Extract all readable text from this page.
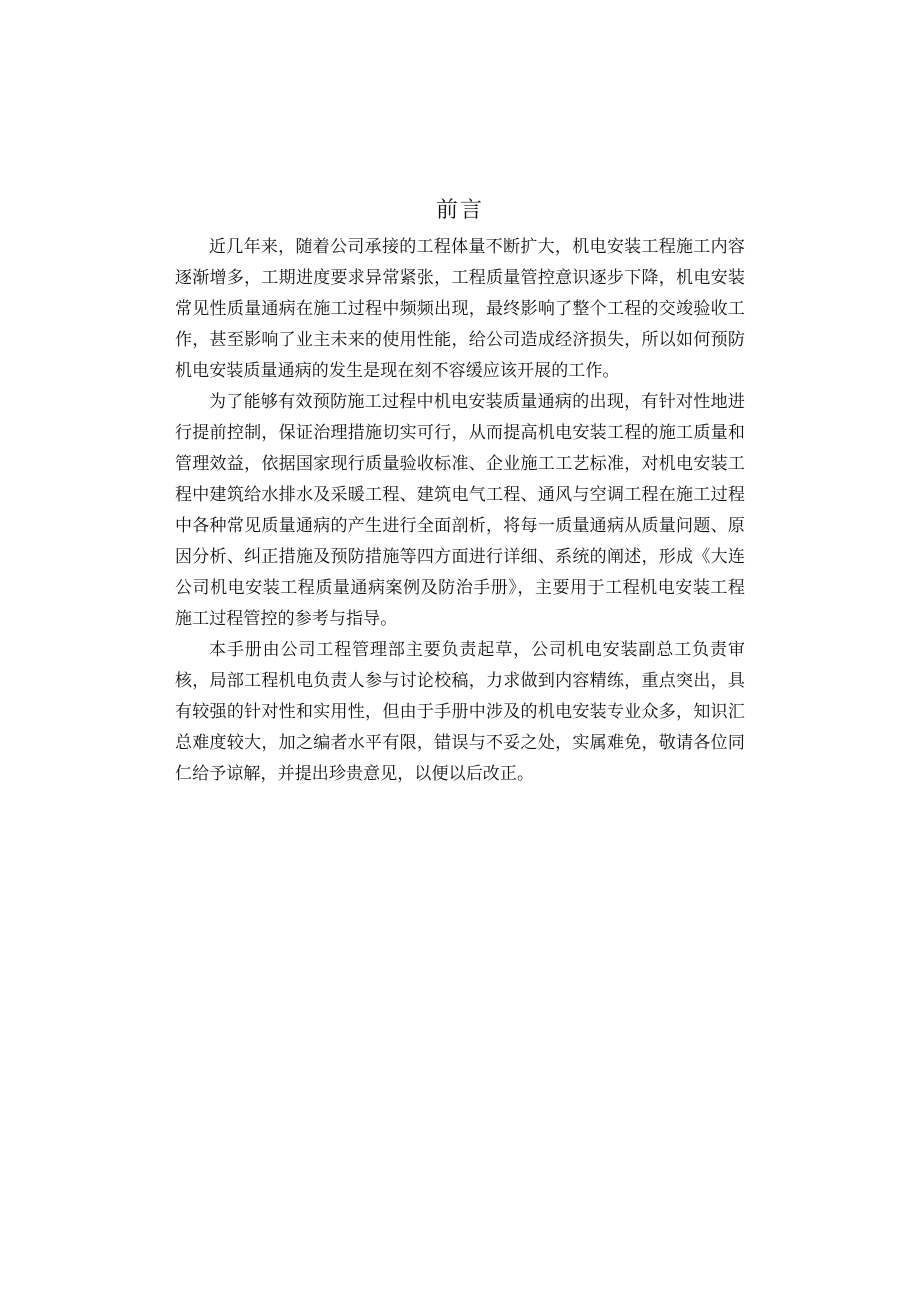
前言

近几年来，随着公司承接的工程体量不断扩大，机电安装工程施工内容逐渐增多，工期进度要求异常紧张，工程质量管控意识逐步下降，机电安装常见性质量通病在施工过程中频频出现，最终影响了整个工程的交竣验收工作，甚至影响了业主未来的使用性能，给公司造成经济损失，所以如何预防机电安装质量通病的发生是现在刻不容缓应该开展的工作。

为了能够有效预防施工过程中机电安装质量通病的出现，有针对性地进行提前控制，保证治理措施切实可行，从而提高机电安装工程的施工质量和管理效益，依据国家现行质量验收标准、企业施工工艺标准，对机电安装工程中建筑给水排水及采暖工程、建筑电气工程、通风与空调工程在施工过程中各种常见质量通病的产生进行全面剖析，将每一质量通病从质量问题、原因分析、纠正措施及预防措施等四方面进行详细、系统的阐述，形成《大连公司机电安装工程质量通病案例及防治手册》，主要用于工程机电安装工程施工过程管控的参考与指导。

本手册由公司工程管理部主要负责起草，公司机电安装副总工负责审核，局部工程机电负责人参与讨论校稿，力求做到内容精练，重点突出，具有较强的针对性和实用性，但由于手册中涉及的机电安装专业众多，知识汇总难度较大，加之编者水平有限，错误与不妥之处，实属难免，敬请各位同仁给予谅解，并提出珍贵意见，以便以后改正。
